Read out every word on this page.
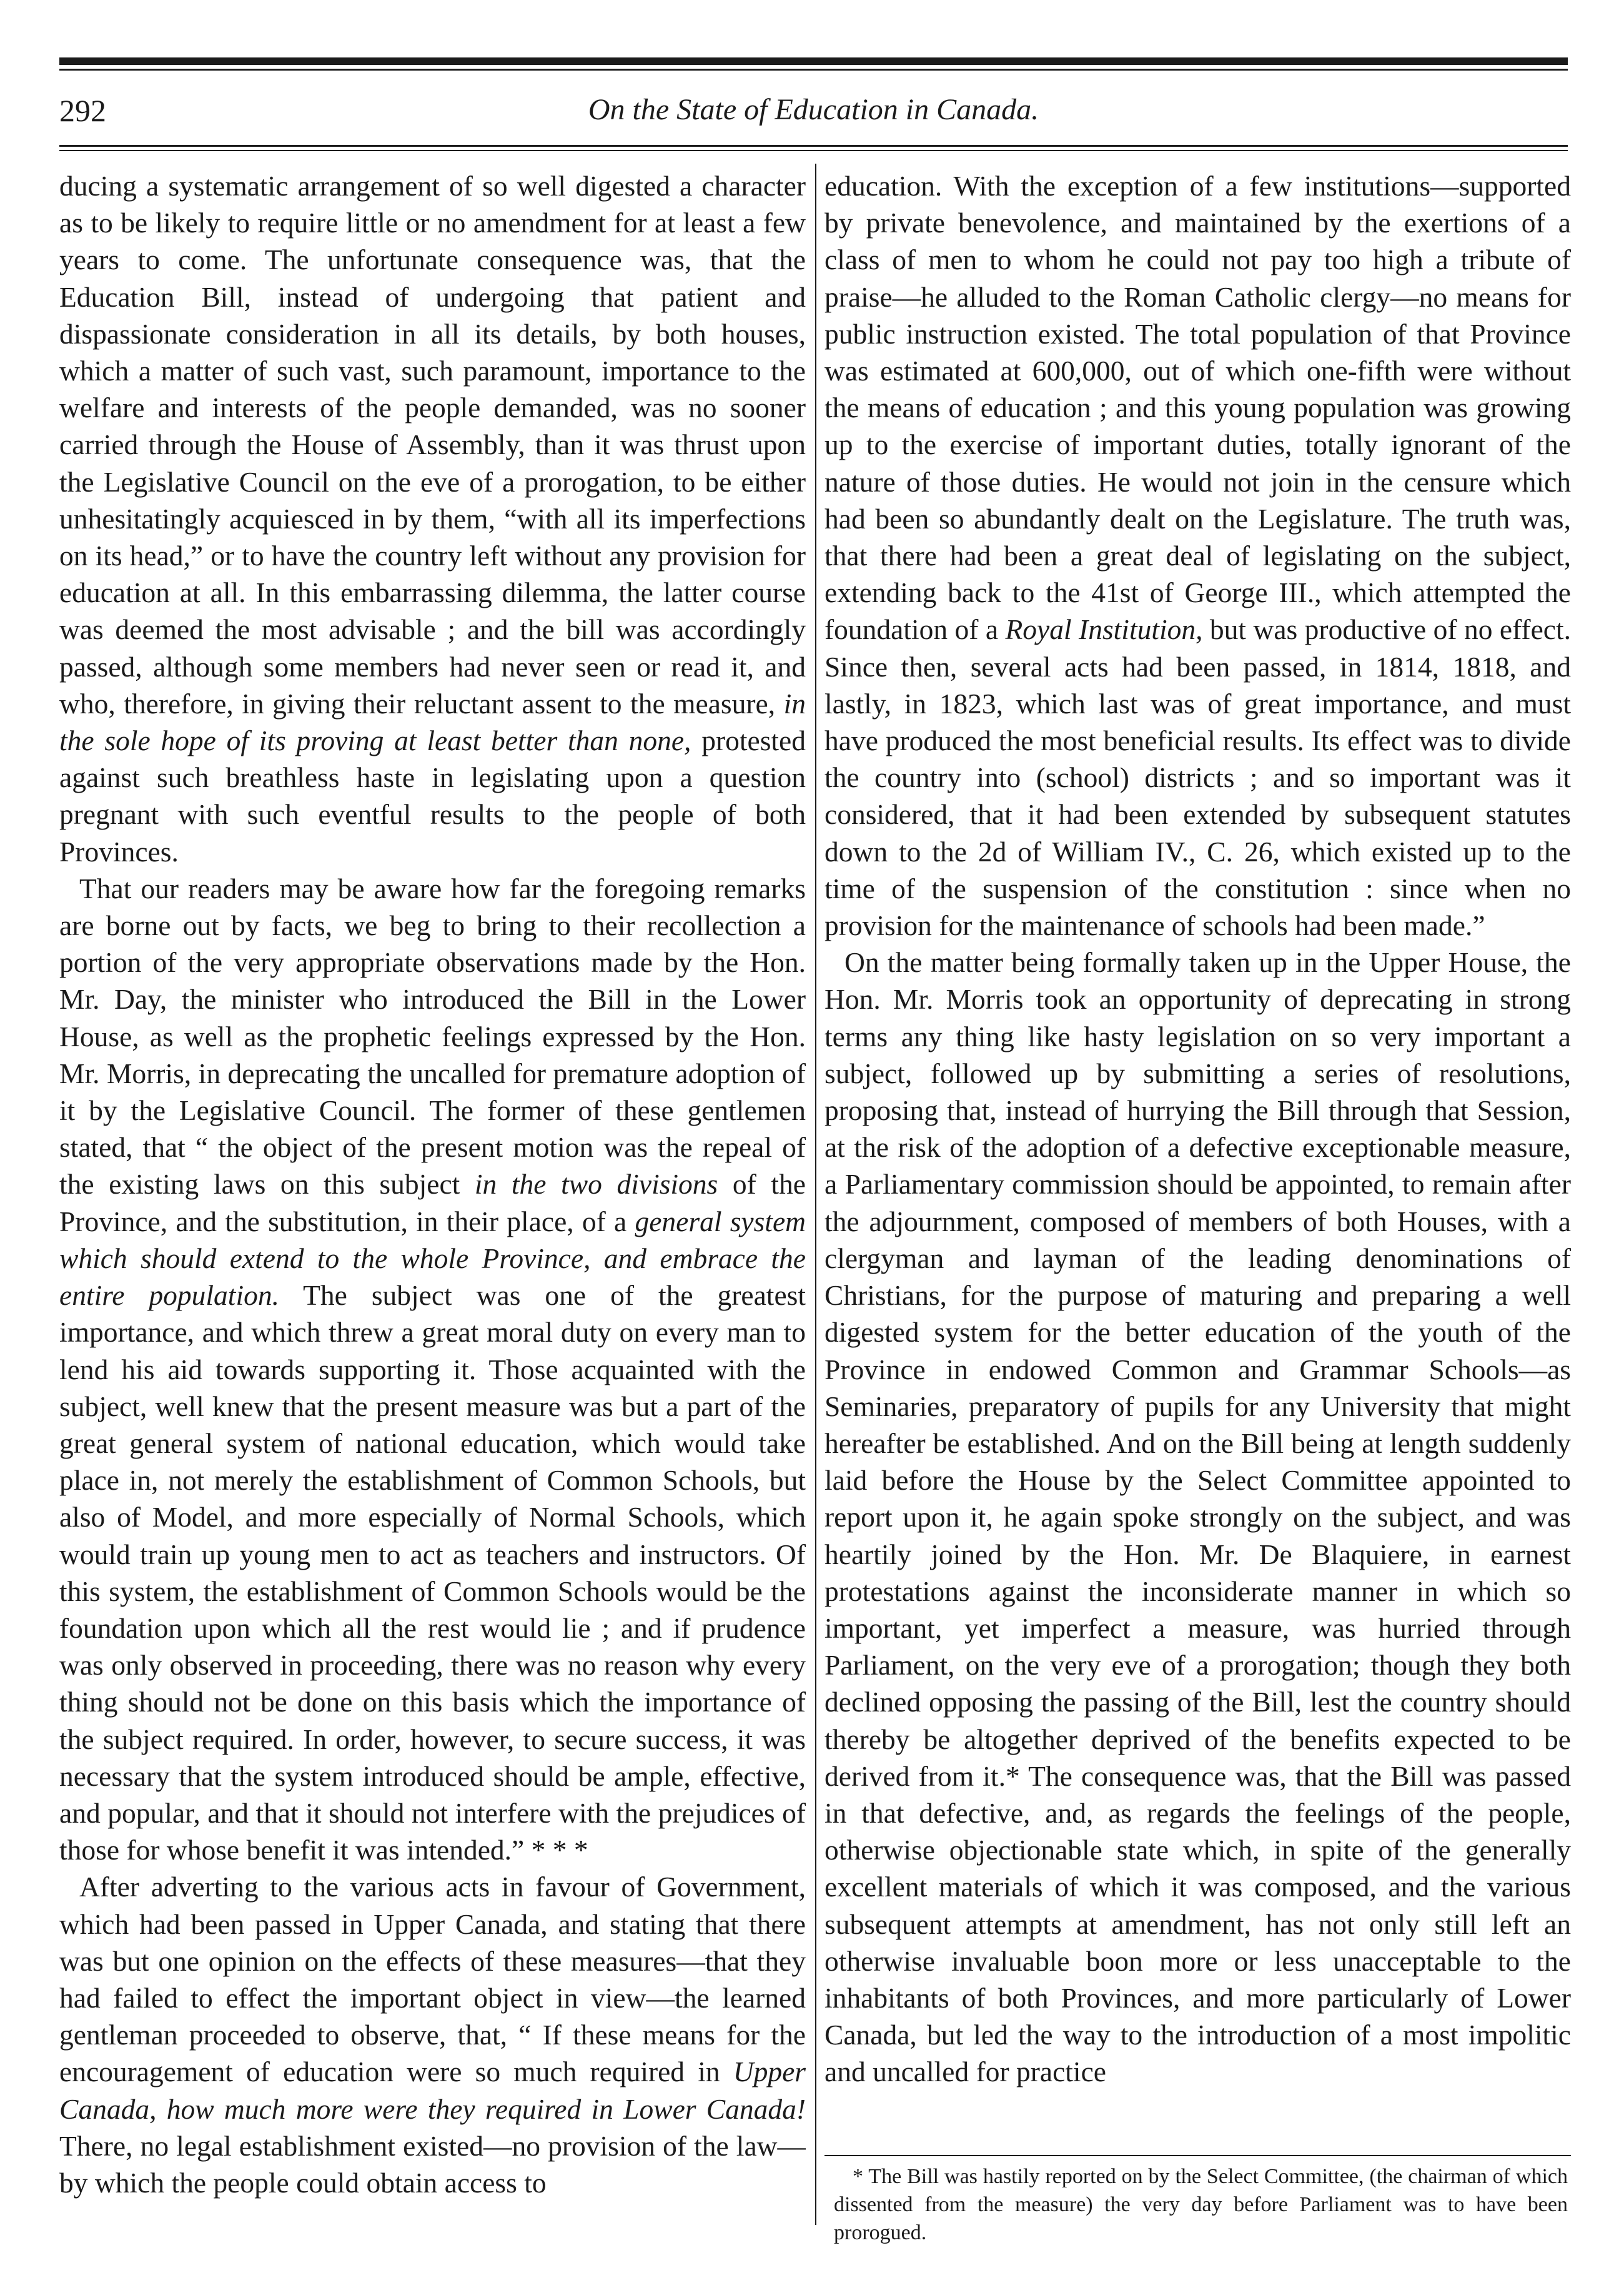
292	On the State of Education in Canada.

ducing a systematic arrangement of so well digested a character as to be likely to require little or no amendment for at least a few years to come. The unfortunate consequence was, that the Education Bill, instead of undergoing that patient and dispassionate consideration in all its details, by both houses, which a matter of such vast, such paramount, importance to the welfare and interests of the people demanded, was no sooner carried through the House of Assembly, than it was thrust upon the Legislative Council on the eve of a prorogation, to be either unhesitatingly acquiesced in by them, “with all its imperfections on its head,” or to have the country left without any provision for education at all. In this embarrassing dilemma, the latter course was deemed the most advisable ; and the bill was accordingly passed, although some members had never seen or read it, and who, therefore, in giving their reluctant assent to the measure, in the sole hope of its proving at least better than none, protested against such breathless haste in legislating upon a question pregnant with such eventful results to the people of both Provinces.

That our readers may be aware how far the foregoing remarks are borne out by facts, we beg to bring to their recollection a portion of the very appropriate observations made by the Hon. Mr. Day, the minister who introduced the Bill in the Lower House, as well as the prophetic feelings expressed by the Hon. Mr. Morris, in deprecating the uncalled for premature adoption of it by the Legislative Council. The former of these gentlemen stated, that “ the object of the present motion was the repeal of the existing laws on this subject in the two divisions of the Province, and the substitution, in their place, of a general system which should extend to the whole Province, and embrace the entire population. The subject was one of the greatest importance, and which threw a great moral duty on every man to lend his aid towards supporting it. Those acquainted with the subject, well knew that the present measure was but a part of the great general system of national education, which would take place in, not merely the establishment of Common Schools, but also of Model, and more especially of Normal Schools, which would train up young men to act as teachers and instructors. Of this system, the establishment of Common Schools would be the foundation upon which all the rest would lie ; and if prudence was only observed in proceeding, there was no reason why every thing should not be done on this basis which the importance of the subject required. In order, however, to secure success, it was necessary that the system introduced should be ample, effective, and popular, and that it should not interfere with the prejudices of those for whose benefit it was intended.” * * *

After adverting to the various acts in favour of Government, which had been passed in Upper Canada, and stating that there was but one opinion on the effects of these measures—that they had failed to effect the important object in view—the learned gentleman proceeded to observe, that, “ If these means for the encouragement of education were so much required in Upper Canada, how much more were they required in Lower Canada! There, no legal establishment existed—no provision of the law—by which the people could obtain access to

education. With the exception of a few institutions—supported by private benevolence, and maintained by the exertions of a class of men to whom he could not pay too high a tribute of praise—he alluded to the Roman Catholic clergy—no means for public instruction existed. The total population of that Province was estimated at 600,000, out of which one-fifth were without the means of education ; and this young population was growing up to the exercise of important duties, totally ignorant of the nature of those duties. He would not join in the censure which had been so abundantly dealt on the Legislature. The truth was, that there had been a great deal of legislating on the subject, extending back to the 41st of George III., which attempted the foundation of a Royal Institution, but was productive of no effect. Since then, several acts had been passed, in 1814, 1818, and lastly, in 1823, which last was of great importance, and must have produced the most beneficial results. Its effect was to divide the country into (school) districts ; and so important was it considered, that it had been extended by subsequent statutes down to the 2d of William IV., C. 26, which existed up to the time of the suspension of the constitution : since when no provision for the maintenance of schools had been made.”

On the matter being formally taken up in the Upper House, the Hon. Mr. Morris took an opportunity of deprecating in strong terms any thing like hasty legislation on so very important a subject, followed up by submitting a series of resolutions, proposing that, instead of hurrying the Bill through that Session, at the risk of the adoption of a defective exceptionable measure, a Parliamentary commission should be appointed, to remain after the adjournment, composed of members of both Houses, with a clergyman and layman of the leading denominations of Christians, for the purpose of maturing and preparing a well digested system for the better education of the youth of the Province in endowed Common and Grammar Schools—as Seminaries, preparatory of pupils for any University that might hereafter be established. And on the Bill being at length suddenly laid before the House by the Select Committee appointed to report upon it, he again spoke strongly on the subject, and was heartily joined by the Hon. Mr. De Blaquiere, in earnest protestations against the inconsiderate manner in which so important, yet imperfect a measure, was hurried through Parliament, on the very eve of a prorogation; though they both declined opposing the passing of the Bill, lest the country should thereby be altogether deprived of the benefits expected to be derived from it.* The consequence was, that the Bill was passed in that defective, and, as regards the feelings of the people, otherwise objectionable state which, in spite of the generally excellent materials of which it was composed, and the various subsequent attempts at amendment, has not only still left an otherwise invaluable boon more or less unacceptable to the inhabitants of both Provinces, and more particularly of Lower Canada, but led the way to the introduction of a most impolitic and uncalled for practice

* The Bill was hastily reported on by the Select Committee, (the chairman of which dissented from the measure) the very day before Parliament was to have been prorogued.
